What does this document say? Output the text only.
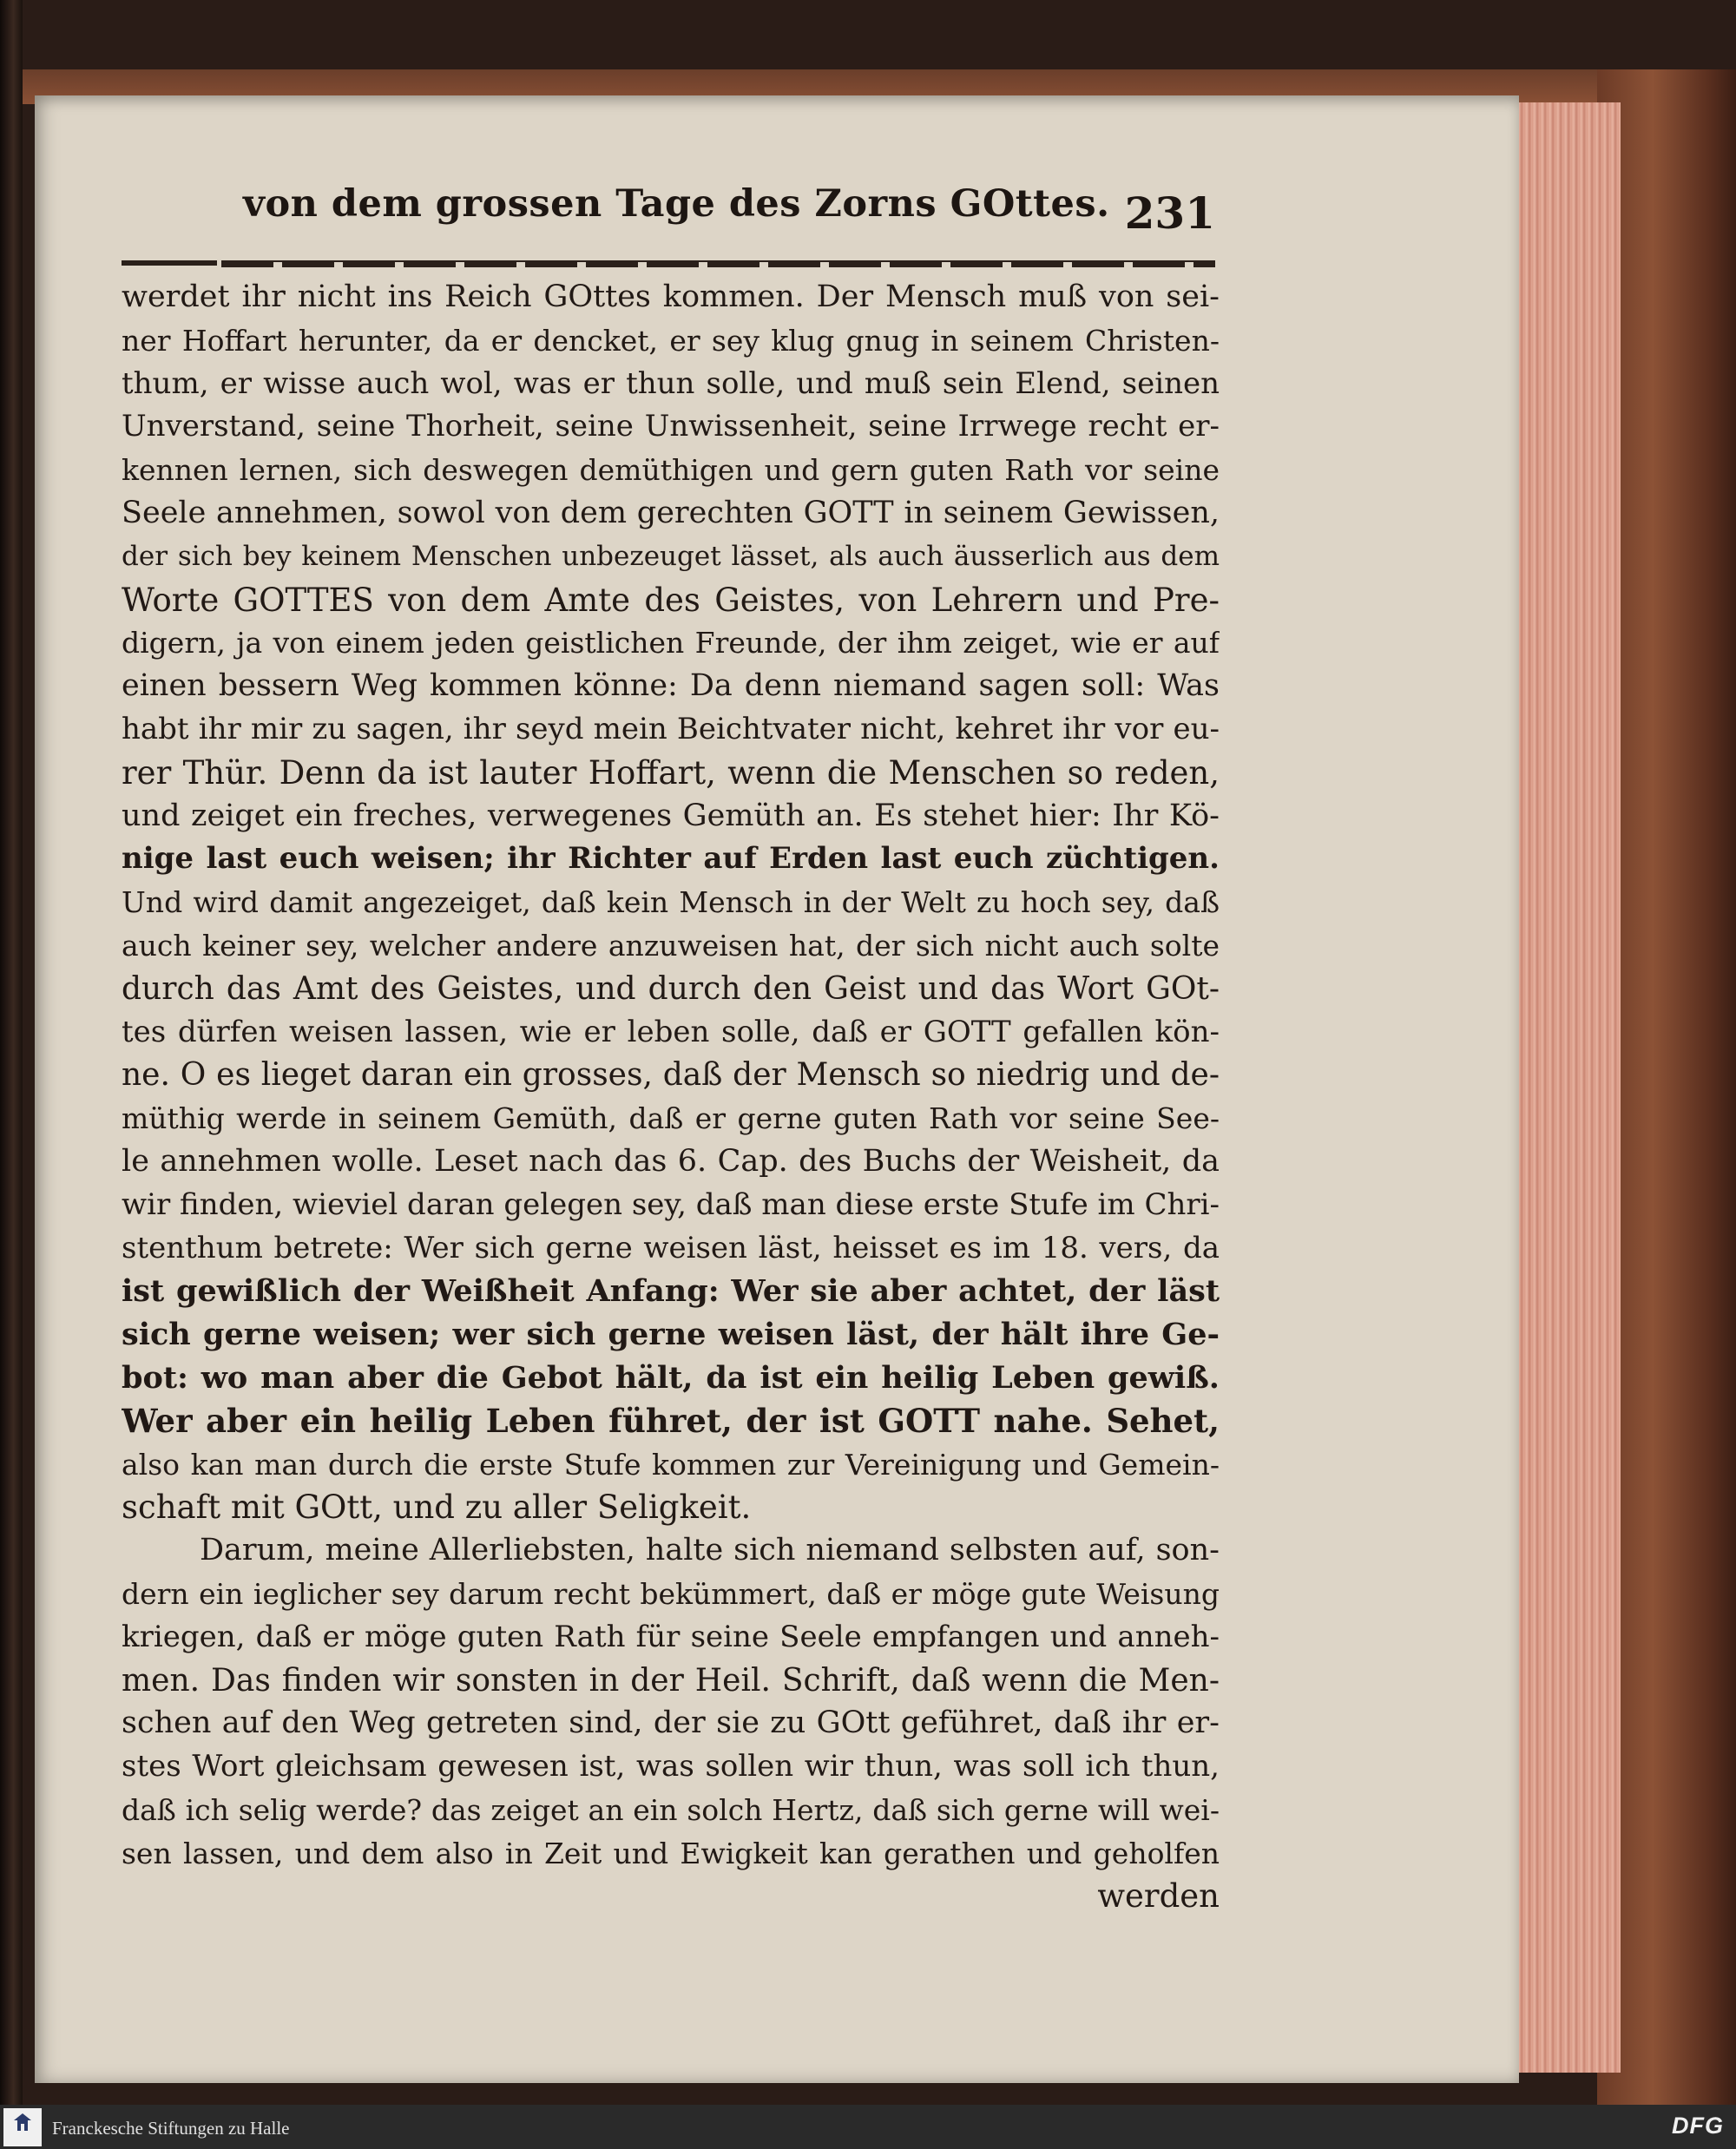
von dem grossen Tage des Zorns GOttes. 231
werdet ihr nicht ins Reich GOttes kommen. Der Mensch muß von sei-
ner Hoffart herunter, da er dencket, er sey klug gnug in seinem Christen-
thum, er wisse auch wol, was er thun solle, und muß sein Elend, seinen
Unverstand, seine Thorheit, seine Unwissenheit, seine Irrwege recht er-
kennen lernen, sich deswegen demüthigen und gern guten Rath vor seine
Seele annehmen, sowol von dem gerechten GOTT in seinem Gewissen,
der sich bey keinem Menschen unbezeuget lässet, als auch äusserlich aus dem
Worte GOTTES von dem Amte des Geistes, von Lehrern und Pre-
digern, ja von einem jeden geistlichen Freunde, der ihm zeiget, wie er auf
einen bessern Weg kommen könne: Da denn niemand sagen soll: Was
habt ihr mir zu sagen, ihr seyd mein Beichtvater nicht, kehret ihr vor eu-
rer Thür. Denn da ist lauter Hoffart, wenn die Menschen so reden,
und zeiget ein freches, verwegenes Gemüth an. Es stehet hier: Ihr Kö-
nige last euch weisen; ihr Richter auf Erden last euch züchtigen.
Und wird damit angezeiget, daß kein Mensch in der Welt zu hoch sey, daß
auch keiner sey, welcher andere anzuweisen hat, der sich nicht auch solte
durch das Amt des Geistes, und durch den Geist und das Wort GOt-
tes dürfen weisen lassen, wie er leben solle, daß er GOTT gefallen kön-
ne. O es lieget daran ein grosses, daß der Mensch so niedrig und de-
müthig werde in seinem Gemüth, daß er gerne guten Rath vor seine See-
le annehmen wolle. Leset nach das 6. Cap. des Buchs der Weisheit, da
wir finden, wieviel daran gelegen sey, daß man diese erste Stufe im Chri-
stenthum betrete: Wer sich gerne weisen läst, heisset es im 18. vers, da
ist gewißlich der Weißheit Anfang: Wer sie aber achtet, der läst
sich gerne weisen; wer sich gerne weisen läst, der hält ihre Ge-
bot: wo man aber die Gebot hält, da ist ein heilig Leben gewiß.
Wer aber ein heilig Leben führet, der ist GOTT nahe. Sehet,
also kan man durch die erste Stufe kommen zur Vereinigung und Gemein-
schaft mit GOtt, und zu aller Seligkeit.
Darum, meine Allerliebsten, halte sich niemand selbsten auf, son-
dern ein ieglicher sey darum recht bekümmert, daß er möge gute Weisung
kriegen, daß er möge guten Rath für seine Seele empfangen und anneh-
men. Das finden wir sonsten in der Heil. Schrift, daß wenn die Men-
schen auf den Weg getreten sind, der sie zu GOtt geführet, daß ihr er-
stes Wort gleichsam gewesen ist, was sollen wir thun, was soll ich thun,
daß ich selig werde? das zeiget an ein solch Hertz, daß sich gerne will wei-
sen lassen, und dem also in Zeit und Ewigkeit kan gerathen und geholfen
werden
Franckesche Stiftungen zu Halle	DFG
